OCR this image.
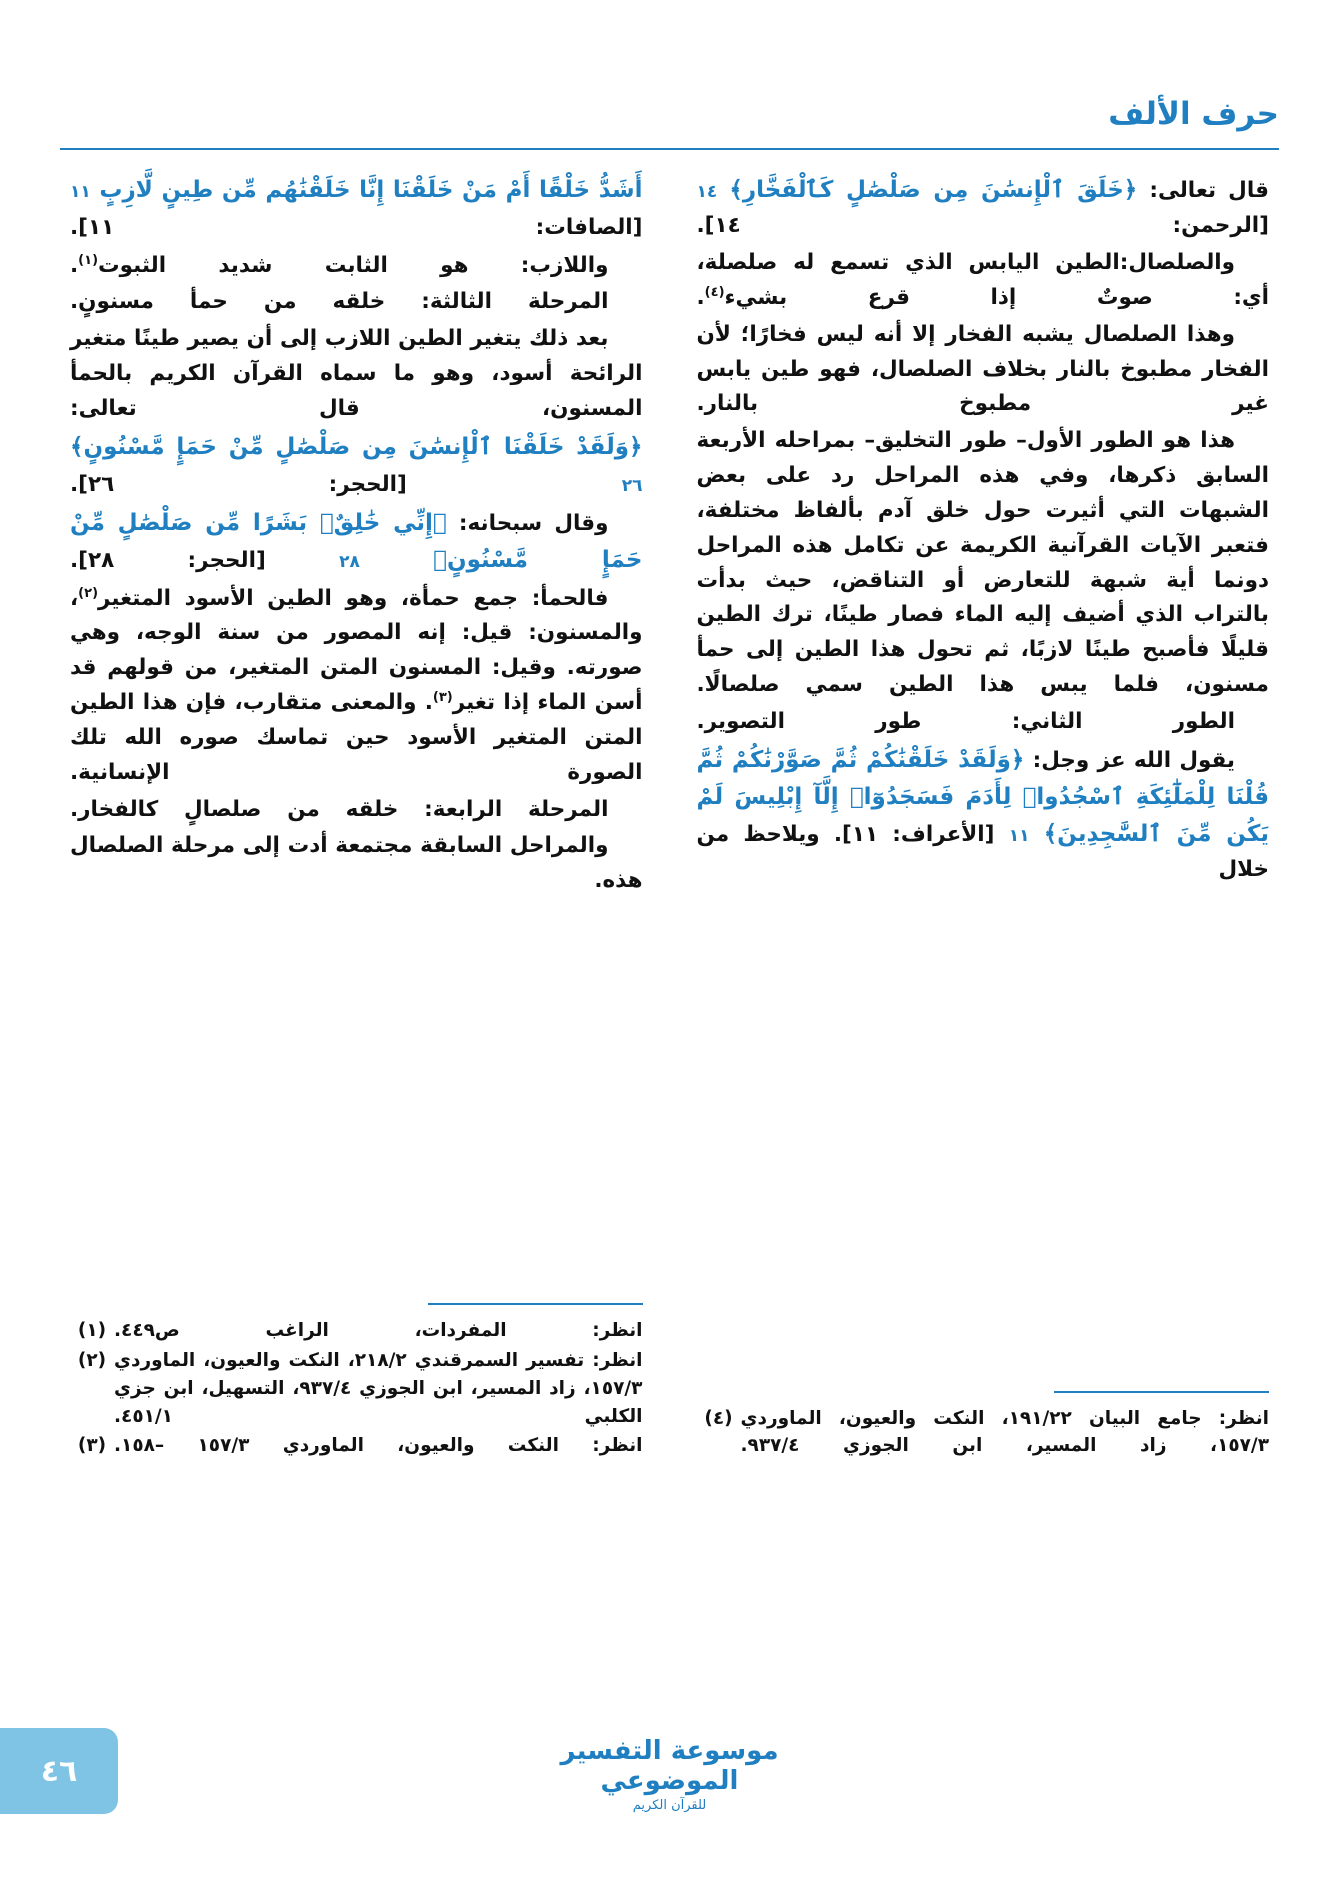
حرف الألف

أَشَدُّ خَلْقًا أَمْ مَنْ خَلَقْنَا إِنَّا خَلَقْنَٰهُم مِّن طِينٍ لَّازِبٍ ١١ [الصافات: ١١].

واللازب: هو الثابت شديد الثبوت$^{(١)}$.

المرحلة الثالثة: خلقه من حمأ مسنونٍ.

بعد ذلك يتغير الطين اللازب إلى أن يصير طينًا متغير الرائحة أسود، وهو ما سماه القرآن الكريم بالحمأ المسنون، قال تعالى:

﴿وَلَقَدْ خَلَقْنَا ٱلْإِنسَٰنَ مِن صَلْصَٰلٍ مِّنْ حَمَإٍ مَّسْنُونٍ﴾ ٢٦ [الحجر: ٢٦].

وقال سبحانه: ﴿إِنِّي خَٰلِقٌۢ بَشَرًا مِّن صَلْصَٰلٍ مِّنْ حَمَإٍ مَّسْنُونٍ﴾ ٢٨ [الحجر: ٢٨].

فالحمأ: جمع حمأة، وهو الطين الأسود المتغير$^{(٢)}$، والمسنون: قيل: إنه المصور من سنة الوجه، وهي صورته. وقيل: المسنون المتن المتغير، من قولهم قد أسن الماء إذا تغير$^{(٣)}$. والمعنى متقارب، فإن هذا الطين المتن المتغير الأسود حين تماسك صوره الله تلك الصورة الإنسانية.

المرحلة الرابعة: خلقه من صلصالٍ كالفخار.

والمراحل السابقة مجتمعة أدت إلى مرحلة الصلصال هذه.

(١) انظر: المفردات، الراغب ص٤٤٩.
(٢) انظر: تفسير السمرقندي ٢١٨/٢، النكت والعيون، الماوردي ١٥٧/٣، زاد المسير، ابن الجوزي ٩٣٧/٤، التسهيل، ابن جزي الكلبي ٤٥١/١.
(٣) انظر: النكت والعيون، الماوردي ١٥٧/٣ –١٥٨.

قال تعالى: ﴿خَلَقَ ٱلْإِنسَٰنَ مِن صَلْصَٰلٍ كَٱلْفَخَّارِ﴾ ١٤ [الرحمن: ١٤].

والصلصال:الطين اليابس الذي تسمع له صلصلة، أي: صوتٌ إذا قرع بشيء$^{(٤)}$.

وهذا الصلصال يشبه الفخار إلا أنه ليس فخارًا؛ لأن الفخار مطبوخ بالنار بخلاف الصلصال، فهو طين يابس غير مطبوخ بالنار.

هذا هو الطور الأول– طور التخليق– بمراحله الأربعة السابق ذكرها، وفي هذه المراحل رد على بعض الشبهات التي أثيرت حول خلق آدم بألفاظ مختلفة، فتعبر الآيات القرآنية الكريمة عن تكامل هذه المراحل دونما أية شبهة للتعارض أو التناقض، حيث بدأت بالتراب الذي أضيف إليه الماء فصار طينًا، ترك الطين قليلًا فأصبح طينًا لازبًا، ثم تحول هذا الطين إلى حمأ مسنون، فلما يبس هذا الطين سمي صلصالًا.

الطور الثاني: طور التصوير.

يقول الله عز وجل: ﴿وَلَقَدْ خَلَقْنَٰكُمْ ثُمَّ صَوَّرْنَٰكُمْ ثُمَّ قُلْنَا لِلْمَلَٰٓئِكَةِ ٱسْجُدُوا۟ لِأَدَمَ فَسَجَدُوٓا۟ إِلَّآ إِبْلِيسَ لَمْ يَكُن مِّنَ ٱلسَّٰجِدِينَ﴾ ١١ [الأعراف: ١١]. ويلاحظ من خلال

(٤) انظر: جامع البيان ١٩١/٢٢، النكت والعيون، الماوردي ١٥٧/٣، زاد المسير، ابن الجوزي ٩٣٧/٤.
موسوعة التفسير الموضوعي
للقرآن الكريم
٤٦
